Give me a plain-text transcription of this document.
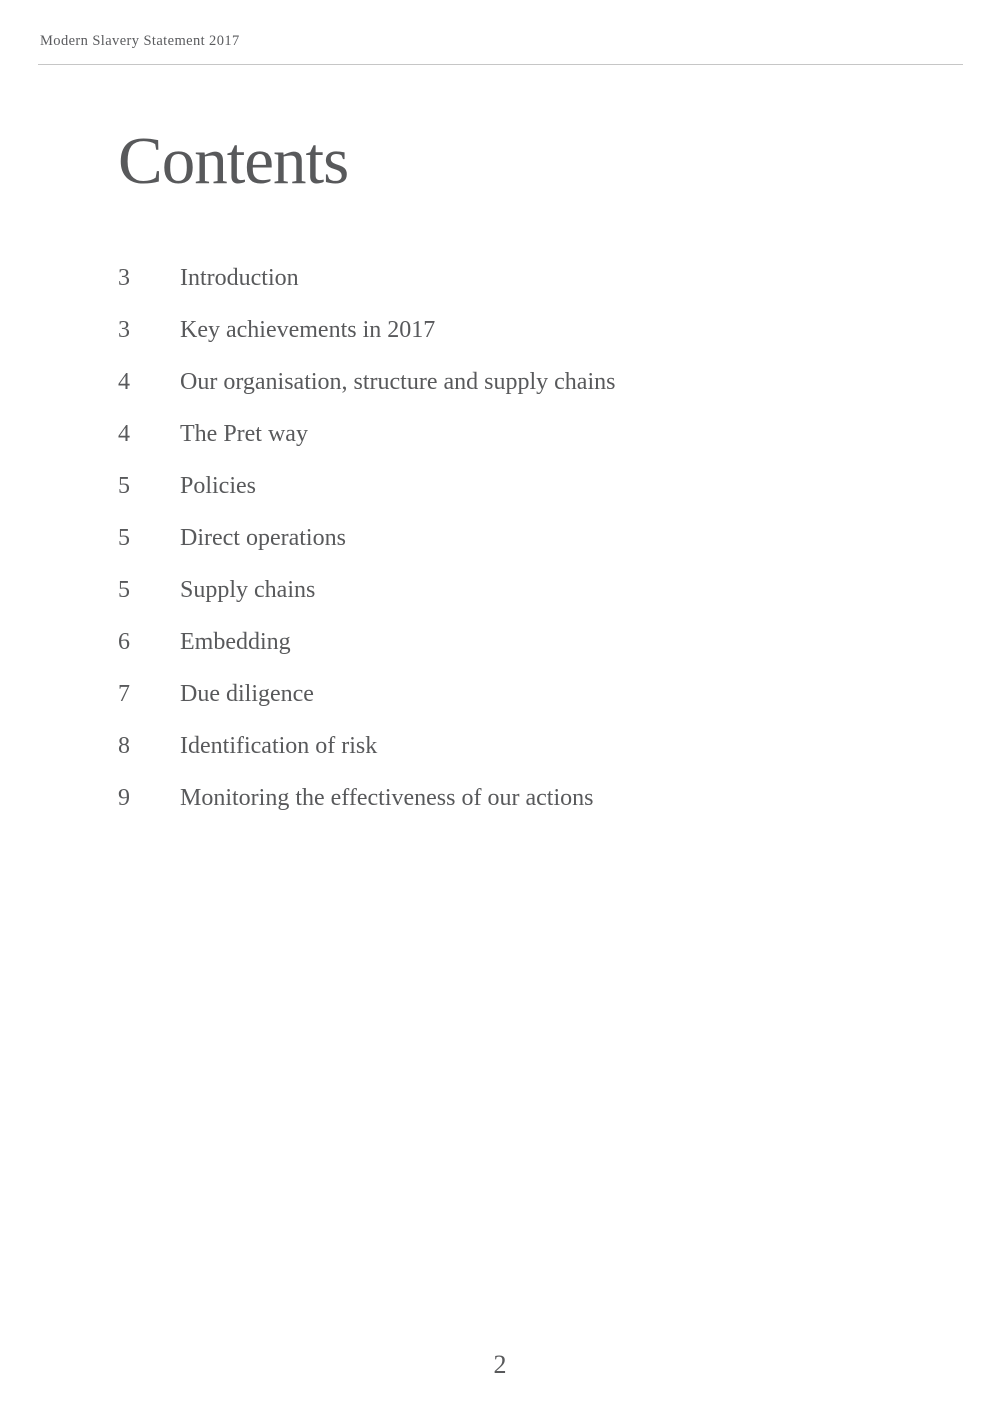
Modern Slavery Statement 2017
Contents
3	Introduction
3	Key achievements in 2017
4	Our organisation, structure and supply chains
4	The Pret way
5	Policies
5	Direct operations
5	Supply chains
6	Embedding
7	Due diligence
8	Identification of risk
9	Monitoring the effectiveness of our actions
2
